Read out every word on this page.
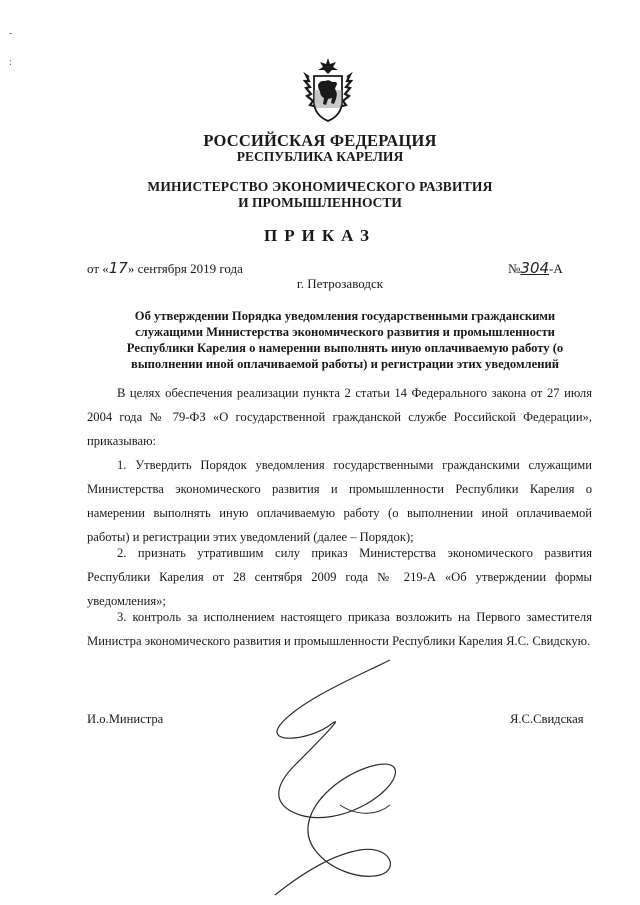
-
:
РОССИЙСКАЯ ФЕДЕРАЦИЯ
РЕСПУБЛИКА КАРЕЛИЯ
МИНИСТЕРСТВО ЭКОНОМИЧЕСКОГО РАЗВИТИЯ
И ПРОМЫШЛЕННОСТИ
ПРИКАЗ
от «17» сентября 2019 года	№304-А
г. Петрозаводск
Об утверждении Порядка уведомления государственными гражданскими служащими Министерства экономического развития и промышленности Республики Карелия о намерении выполнять иную оплачиваемую работу (о выполнении иной оплачиваемой работы) и регистрации этих уведомлений
В целях обеспечения реализации пункта 2 статьи 14 Федерального закона от 27 июля 2004 года № 79-ФЗ «О государственной гражданской службе Российской Федерации», приказываю:
1. Утвердить Порядок уведомления государственными гражданскими служащими Министерства экономического развития и промышленности Республики Карелия о намерении выполнять иную оплачиваемую работу (о выполнении иной оплачиваемой работы) и регистрации этих уведомлений (далее – Порядок);
2. признать утратившим силу приказ Министерства экономического развития Республики Карелия от 28 сентября 2009 года № 219-А «Об утверждении формы уведомления»;
3. контроль за исполнением настоящего приказа возложить на Первого заместителя Министра экономического развития и промышленности Республики Карелия Я.С. Свидскую.
И.о.Министра	Я.С.Свидская
